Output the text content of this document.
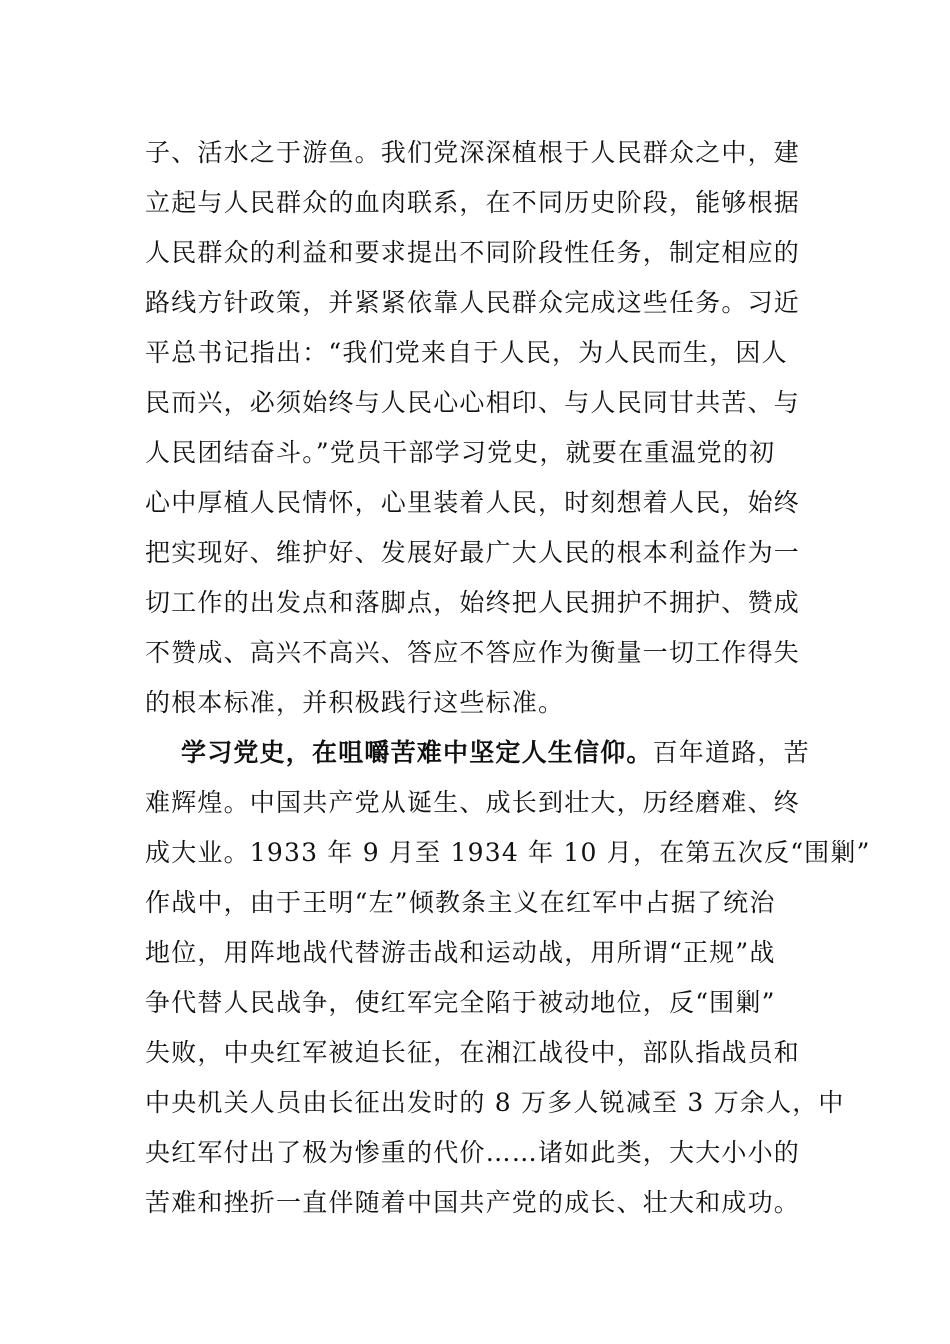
子、活水之于游鱼。我们党深深植根于人民群众之中，建
立起与人民群众的血肉联系，在不同历史阶段，能够根据
人民群众的利益和要求提出不同阶段性任务，制定相应的
路线方针政策，并紧紧依靠人民群众完成这些任务。习近
平总书记指出：“我们党来自于人民，为人民而生，因人
民而兴，必须始终与人民心心相印、与人民同甘共苦、与
人民团结奋斗。”党员干部学习党史，就要在重温党的初
心中厚植人民情怀，心里装着人民，时刻想着人民，始终
把实现好、维护好、发展好最广大人民的根本利益作为一
切工作的出发点和落脚点，始终把人民拥护不拥护、赞成
不赞成、高兴不高兴、答应不答应作为衡量一切工作得失
的根本标准，并积极践行这些标准。
学习党史，在咀嚼苦难中坚定人生信仰。百年道路，苦
难辉煌。中国共产党从诞生、成长到壮大，历经磨难、终
成大业。1933 年 9 月至 1934 年 10 月，在第五次反“围剿”
作战中，由于王明“左”倾教条主义在红军中占据了统治
地位，用阵地战代替游击战和运动战，用所谓“正规”战
争代替人民战争，使红军完全陷于被动地位，反“围剿”
失败，中央红军被迫长征，在湘江战役中，部队指战员和
中央机关人员由长征出发时的 8 万多人锐减至 3 万余人，中
央红军付出了极为惨重的代价……诸如此类，大大小小的
苦难和挫折一直伴随着中国共产党的成长、壮大和成功。
